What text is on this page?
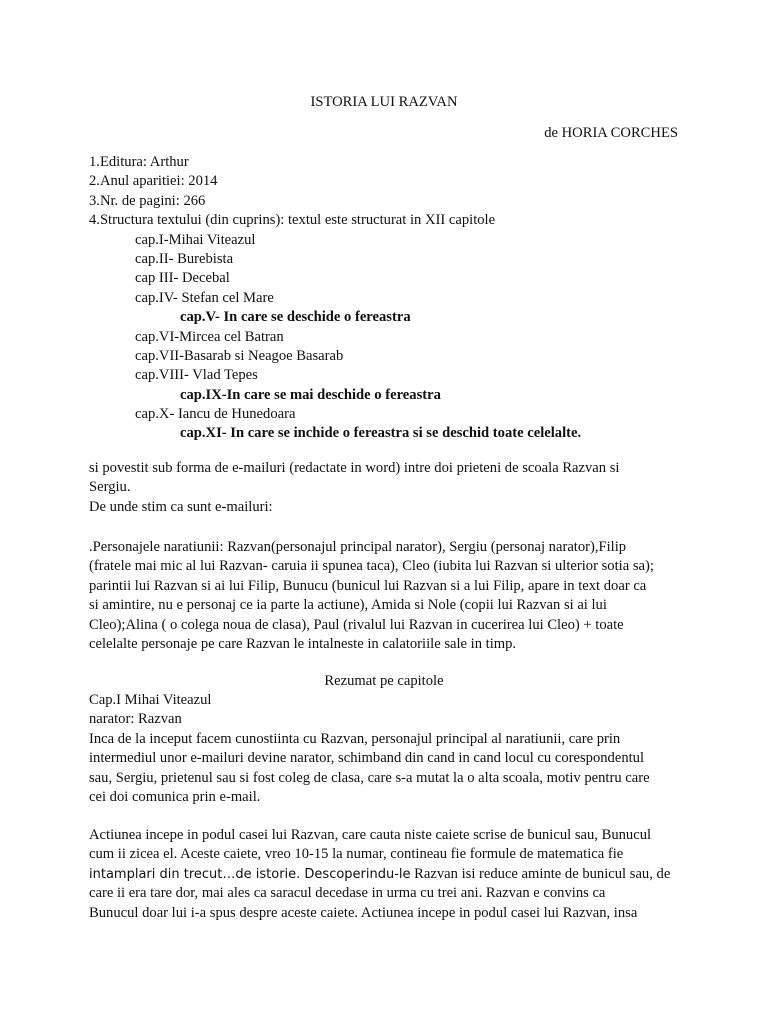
ISTORIA LUI RAZVAN
de HORIA CORCHES
1.Editura: Arthur
2.Anul aparitiei: 2014
3.Nr. de pagini: 266
4.Structura textului (din cuprins): textul este structurat in XII capitole
cap.I-Mihai Viteazul
cap.II- Burebista
cap III- Decebal
cap.IV- Stefan cel Mare
cap.V- In care se deschide o fereastra
cap.VI-Mircea cel Batran
cap.VII-Basarab si Neagoe Basarab
cap.VIII- Vlad Tepes
cap.IX-In care se mai deschide o fereastra
cap.X- Iancu de Hunedoara
cap.XI- In care se inchide o fereastra si se deschid toate celelalte.
si povestit sub forma de e-mailuri (redactate in word) intre doi prieteni de scoala Razvan si
Sergiu.
De unde stim ca sunt e-mailuri:
.Personajele naratiunii: Razvan(personajul principal narator), Sergiu (personaj narator),Filip
(fratele mai mic al lui Razvan- caruia ii spunea taca), Cleo (iubita lui Razvan si ulterior sotia sa);
parintii lui Razvan si ai lui Filip, Bunucu (bunicul lui Razvan si a lui Filip, apare in text doar ca
si amintire, nu e personaj ce ia parte la actiune), Amida si Nole (copii lui Razvan si ai lui
Cleo);Alina ( o colega noua de clasa), Paul (rivalul lui Razvan in cucerirea lui Cleo) + toate
celelalte personaje pe care Razvan le intalneste in calatoriile sale in timp.
Rezumat pe capitole
Cap.I Mihai Viteazul
narator: Razvan
Inca de la inceput facem cunostiinta cu Razvan, personajul principal al naratiunii, care prin
intermediul unor e-mailuri devine narator, schimband din cand in cand locul cu corespondentul
sau, Sergiu, prietenul sau si fost coleg de clasa, care s-a mutat la o alta scoala, motiv pentru care
cei doi comunica prin e-mail.
Actiunea incepe in podul casei lui Razvan, care cauta niste caiete scrise de bunicul sau, Bunucul
cum ii zicea el. Aceste caiete, vreo 10-15 la numar, contineau fie formule de matematica fie
intamplari din trecut…de istorie. Descoperindu-le Razvan isi reduce aminte de bunicul sau, de
care ii era tare dor, mai ales ca saracul decedase in urma cu trei ani. Razvan e convins ca
Bunucul doar lui i-a spus despre aceste caiete. Actiunea incepe in podul casei lui Razvan, insa
